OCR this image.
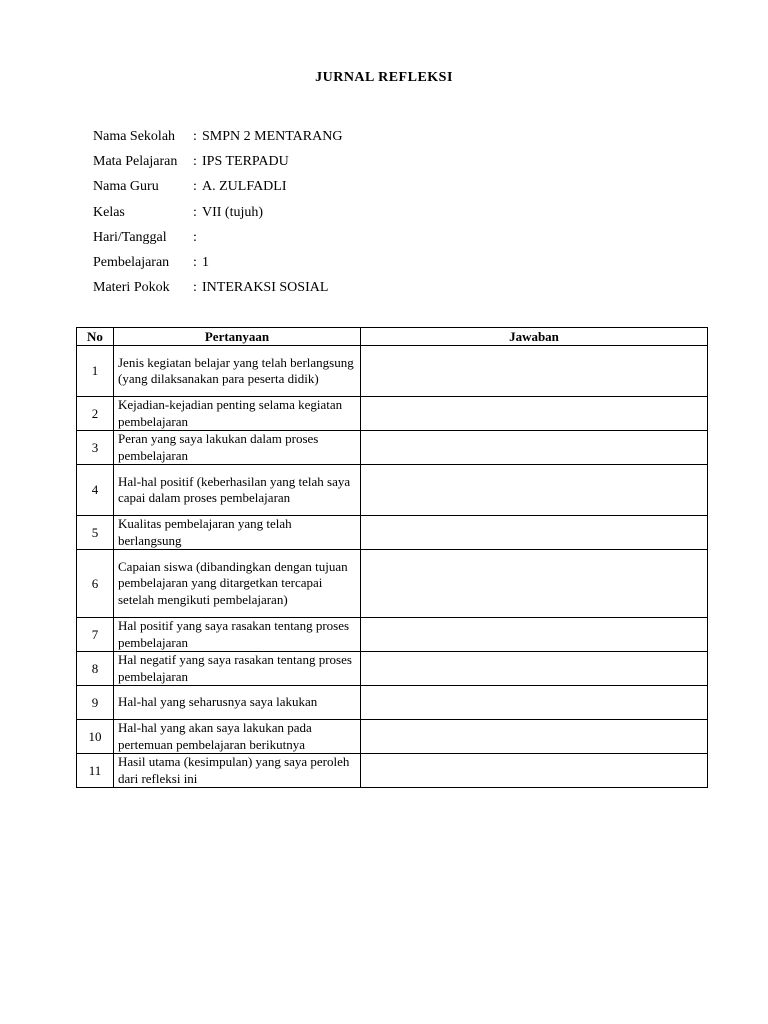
JURNAL REFLEKSI
Nama Sekolah	: SMPN 2 MENTARANG
Mata Pelajaran	: IPS TERPADU
Nama Guru	: A. ZULFADLI
Kelas	: VII (tujuh)
Hari/Tanggal	:
Pembelajaran	: 1
Materi Pokok	: INTERAKSI SOSIAL
No	Pertanyaan	Jawaban
1	Jenis kegiatan belajar yang telah berlangsung (yang dilaksanakan para peserta didik)	
2	Kejadian-kejadian penting selama kegiatan pembelajaran	
3	Peran yang saya lakukan dalam proses pembelajaran	
4	Hal-hal positif (keberhasilan yang telah saya capai dalam proses pembelajaran	
5	Kualitas pembelajaran yang telah berlangsung	
6	Capaian siswa (dibandingkan dengan tujuan pembelajaran yang ditargetkan tercapai setelah mengikuti pembelajaran)	
7	Hal positif yang saya rasakan tentang proses pembelajaran	
8	Hal negatif yang saya rasakan tentang proses pembelajaran	
9	Hal-hal yang seharusnya saya lakukan	
10	Hal-hal yang akan saya lakukan pada pertemuan pembelajaran berikutnya	
11	Hasil utama (kesimpulan) yang saya peroleh dari refleksi ini	
